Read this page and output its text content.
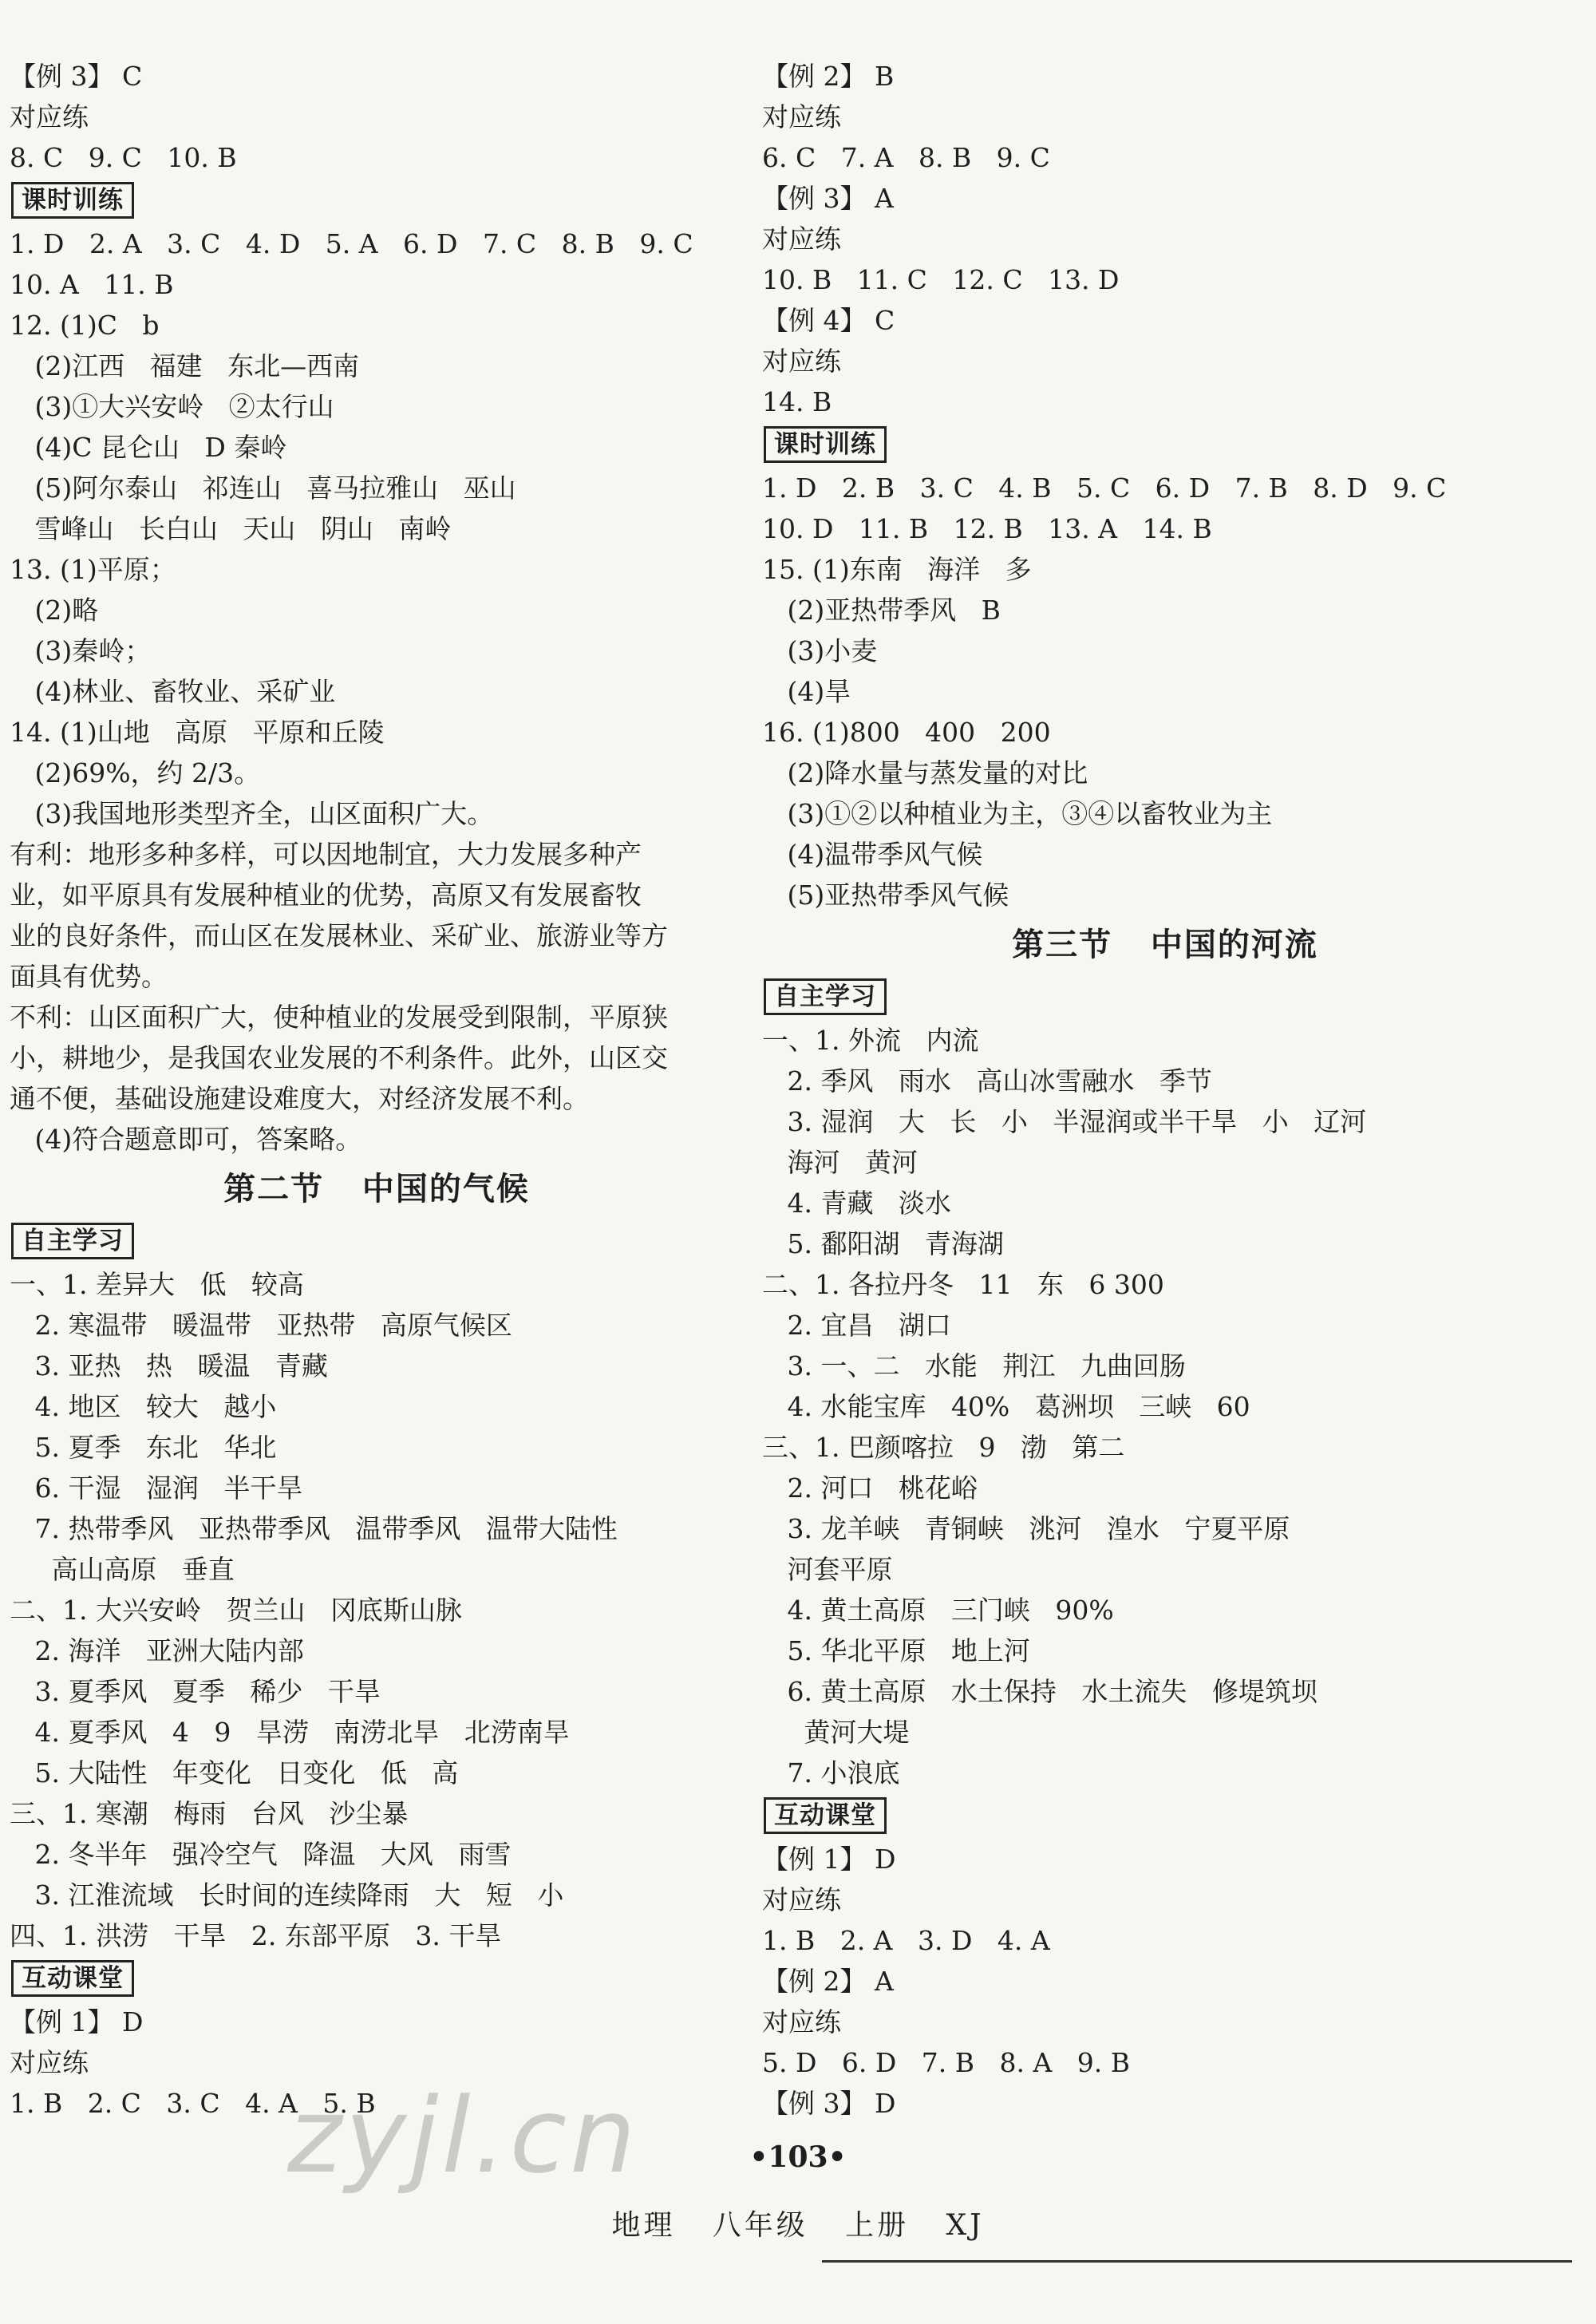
【例 3】 C
对应练
8. C   9. C   10. B
课时训练
1. D   2. A   3. C   4. D   5. A   6. D   7. C   8. B   9. C
10. A   11. B
12. (1)C   b
(2)江西   福建   东北—西南
(3)①大兴安岭   ②太行山
(4)C 昆仑山   D 秦岭
(5)阿尔泰山   祁连山   喜马拉雅山   巫山
雪峰山   长白山   天山   阴山   南岭
13. (1)平原；
(2)略
(3)秦岭；
(4)林业、畜牧业、采矿业
14. (1)山地   高原   平原和丘陵
(2)69%，约 2/3。
(3)我国地形类型齐全，山区面积广大。
有利：地形多种多样，可以因地制宜，大力发展多种产
业，如平原具有发展种植业的优势，高原又有发展畜牧
业的良好条件，而山区在发展林业、采矿业、旅游业等方
面具有优势。
不利：山区面积广大，使种植业的发展受到限制，平原狭
小，耕地少，是我国农业发展的不利条件。此外，山区交
通不便，基础设施建设难度大，对经济发展不利。
(4)符合题意即可，答案略。
第二节   中国的气候
自主学习
一、1. 差异大   低   较高
2. 寒温带   暖温带   亚热带   高原气候区
3. 亚热   热   暖温   青藏
4. 地区   较大   越小
5. 夏季   东北   华北
6. 干湿   湿润   半干旱
7. 热带季风   亚热带季风   温带季风   温带大陆性
高山高原   垂直
二、1. 大兴安岭   贺兰山   冈底斯山脉
2. 海洋   亚洲大陆内部
3. 夏季风   夏季   稀少   干旱
4. 夏季风   4   9   旱涝   南涝北旱   北涝南旱
5. 大陆性   年变化   日变化   低   高
三、1. 寒潮   梅雨   台风   沙尘暴
2. 冬半年   强冷空气   降温   大风   雨雪
3. 江淮流域   长时间的连续降雨   大   短   小
四、1. 洪涝   干旱   2. 东部平原   3. 干旱
互动课堂
【例 1】 D
对应练
1. B   2. C   3. C   4. A   5. B
【例 2】 B
对应练
6. C   7. A   8. B   9. C
【例 3】 A
对应练
10. B   11. C   12. C   13. D
【例 4】 C
对应练
14. B
课时训练
1. D   2. B   3. C   4. B   5. C   6. D   7. B   8. D   9. C
10. D   11. B   12. B   13. A   14. B
15. (1)东南   海洋   多
(2)亚热带季风   B
(3)小麦
(4)旱
16. (1)800   400   200
(2)降水量与蒸发量的对比
(3)①②以种植业为主，③④以畜牧业为主
(4)温带季风气候
(5)亚热带季风气候
第三节   中国的河流
自主学习
一、1. 外流   内流
2. 季风   雨水   高山冰雪融水   季节
3. 湿润   大   长   小   半湿润或半干旱   小   辽河
海河   黄河
4. 青藏   淡水
5. 鄱阳湖   青海湖
二、1. 各拉丹冬   11   东   6 300
2. 宜昌   湖口
3. 一、二   水能   荆江   九曲回肠
4. 水能宝库   40%   葛洲坝   三峡   60
三、1. 巴颜喀拉   9   渤   第二
2. 河口   桃花峪
3. 龙羊峡   青铜峡   洮河   湟水   宁夏平原
河套平原
4. 黄土高原   三门峡   90%
5. 华北平原   地上河
6. 黄土高原   水土保持   水土流失   修堤筑坝
黄河大堤
7. 小浪底
互动课堂
【例 1】 D
对应练
1. B   2. A   3. D   4. A
【例 2】 A
对应练
5. D   6. D   7. B   8. A   9. B
【例 3】 D
zyjl.cn	•103•
地理   八年级   上册   XJ
